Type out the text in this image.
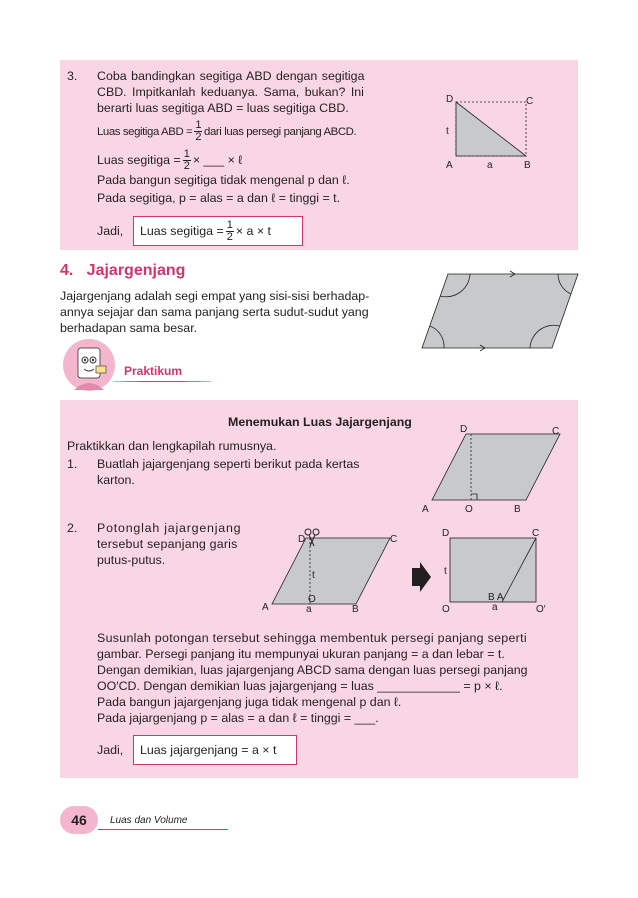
3. Coba bandingkan segitiga ABD dengan segitiga
CBD. Impitkanlah keduanya. Sama, bukan? Ini
berarti luas segitiga ABD = luas segitiga CBD.
Luas segitiga ABD = $\frac{1}{2}$ dari luas persegi panjang ABCD.
Luas segitiga = $\frac{1}{2}$ × ___ × ℓ
Pada bangun segitiga tidak mengenal p dan ℓ.
Pada segitiga, p = alas = a dan ℓ = tinggi = t.
Jadi,	Luas segitiga = $\frac{1}{2} \times a \times t$
D	C
A	B
t
a
4.   Jajargenjang
Jajargenjang adalah segi empat yang sisi-sisi berhadap-
annya sejajar dan sama panjang serta sudut-sudut yang
berhadapan sama besar.
Praktikum
Menemukan Luas Jajargenjang
Praktikkan dan lengkapilah rumusnya.
1. Buatlah jajargenjang seperti berikut pada kertas
karton.
D	C
A	O	B
2. Potonglah jajargenjang
tersebut sepanjang garis
putus-putus.
D	C
A
O
B
t
a
D	C
O
B A
O′
t
a
Susunlah potongan tersebut sehingga membentuk persegi panjang seperti
gambar. Persegi panjang itu mempunyai ukuran panjang = a dan lebar = t.
Dengan demikian, luas jajargenjang ABCD sama dengan luas persegi panjang
OO′CD. Dengan demikian luas jajargenjang = luas ____________ = p × ℓ.
Pada bangun jajargenjang juga tidak mengenal p dan ℓ.
Pada jajargenjang p = alas = a dan ℓ = tinggi = ___.
Jadi,	Luas jajargenjang = a × t
46	Luas dan Volume
